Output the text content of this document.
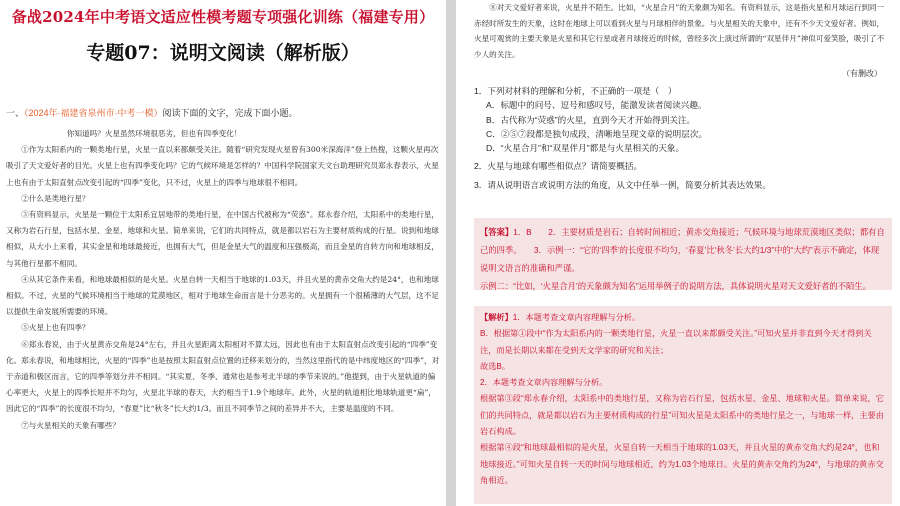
备战2024年中考语文适应性模考题专项强化训练（福建专用）
专题07：说明文阅读（解析版）
一、（2024年·福建省泉州市·中考一模）阅读下面的文字，完成下面小题。

你知道吗？火星虽然环境很恶劣，但也有四季变化！

①作为太阳系内的一颗类地行星，火星一直以来都颇受关注。随着“研究发现火星曾有300米深海洋”登上热搜，这颗火星再次吸引了天文爱好者的目光。火星上也有四季变化吗？它的气候环境是怎样的？中国科学院国家天文台助理研究员郑永春表示，火星上也有由于太阳直射点改变引起的“四季”变化，只不过，火星上的四季与地球很不相同。

②什么是类地行星？

③有资料显示，火星是一颗位于太阳系宜居地带的类地行星，在中国古代被称为“荧惑”。郑永春介绍，太阳系中的类地行星，又称为岩石行星，包括水星、金星、地球和火星。简单来说，它们的共同特点，就是都以岩石为主要材质构成的行星。说到和地球相似，从大小上来看，其实金星和地球最接近，也拥有大气，但是金星大气的温度和压强极高，而且金星的自转方向和地球相反，与其他行星都不相同。

④从其它条件来看，和地球最相似的是火星。火星自转一天相当于地球的1.03天，并且火星的黄赤交角大约是24°，也和地球相似。不过，火星的气候环境相当于地球的荒漠地区，相对于地球生命而言是十分恶劣的。火星拥有一个很稀薄的大气层，这不足以提供生命发展所需要的环境。

⑤火星上也有四季？

⑥郑永春说，由于火星黄赤交角是24°左右，并且火星距离太阳相对不算太远，因此也有由于太阳直射点改变引起的“四季”变化。郑永春说，和地球相比，火星的“四季”也是按照太阳直射点位置的迁移来划分的，当然这里指代的是中纬度地区的“四季”，对于赤道和极区而言，它的四季等划分并不相同。“其实夏、冬季、通常也是参考北半球的季节来说的。”他提到，由于火星轨道的偏心率更大，火星上的四季长短并不均匀，火星北半球的春天，大约相当于1.9个地球年。此外，火星的轨道相比地球轨道更“扁”，因此它的“四季”的长度很不均匀，“春夏”比“秋冬”长大约1/3。而且不同季节之间的差异并不大，主要是温度的不同。

⑦与火星相关的天象有哪些？

⑧对天文爱好者来说，火星并不陌生。比如，“火星合月”的天象颇为知名。有资料显示，这是指火星和月球运行到同一赤经时所发生的天象，这时在地球上可以看到火星与月球相伴的景象。与火星相关的天象中，还有不少天文爱好者。例如，火星可观赏的主要天象是火星和其它行星或者月球接近的时候，曾经多次上演过所谓的“双星伴月”神似可爱笑脸，吸引了不少人的关注。

（有删改）

1．下列对材料的理解和分析，不正确的一项是（　）

A．标题中的问号、逗号和感叹号，能激发读者阅读兴趣。

B．古代称为“荧惑”的火星，直到今天才开始得到关注。

C．②⑤⑦段都是独句成段，清晰地呈现文章的说明层次。

D．“火星合月”和“双星伴月”都是与火星相关的天象。

2．火星与地球有哪些相似点？请简要概括。

3．请从说明语言或说明方法的角度，从文中任举一例，简要分析其表达效果。

【答案】1．B　　2．主要材质是岩石；自转时间相近；黄赤交角接近；气候环境与地球荒漠地区类似；都有自己的四季。　　3．示例一：“它的‘四季’的长度很不均匀，‘春夏’比‘秋冬’长大约1/3”中的“大约”表示不确定，体现说明文语言的准确和严谨。

示例二：“比如，‘火星合月’的天象颇为知名”运用举例子的说明方法，具体说明火星对天文爱好者的不陌生。

【解析】1．本题考查文章内容理解与分析。

B．根据第①段中“作为太阳系内的一颗类地行星，火星一直以来都颇受关注。”可知火星并非直到今天才得到关注，而是长期以来都在受到天文学家的研究和关注；

故选B。

2．本题考查文章内容理解与分析。

根据第③段“郑永春介绍，太阳系中的类地行星，又称为岩石行星，包括水星、金星、地球和火星。简单来说，它们的共同特点，就是都以岩石为主要材质构成的行星”可知火星是太阳系中的类地行星之一，与地球一样，主要由岩石构成。

根据第④段“和地球最相似的是火星，火星自转一天相当于地球的1.03天，并且火星的黄赤交角大约是24°，也和地球接近。”可知火星自转一天的时间与地球相近，约为1.03个地球日。火星的黄赤交角约为24°，与地球的黄赤交角相近。
